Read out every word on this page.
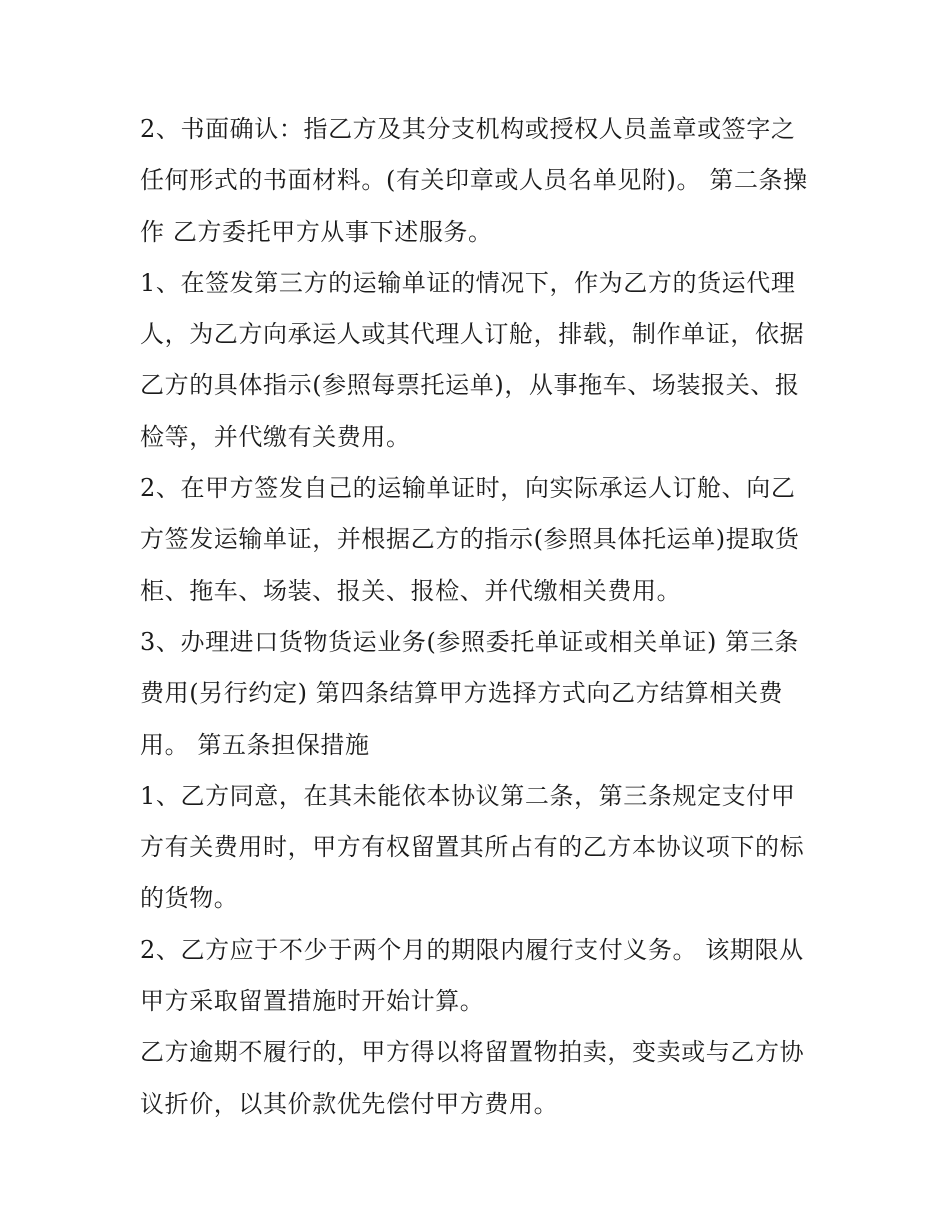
2、书面确认：指乙方及其分支机构或授权人员盖章或签字之任何形式的书面材料。(有关印章或人员名单见附)。 第二条操作 乙方委托甲方从事下述服务。

1、在签发第三方的运输单证的情况下，作为乙方的货运代理人，为乙方向承运人或其代理人订舱，排载，制作单证，依据乙方的具体指示(参照每票托运单)，从事拖车、场装报关、报检等，并代缴有关费用。

2、在甲方签发自己的运输单证时，向实际承运人订舱、向乙方签发运输单证，并根据乙方的指示(参照具体托运单)提取货柜、拖车、场装、报关、报检、并代缴相关费用。

3、办理进口货物货运业务(参照委托单证或相关单证) 第三条费用(另行约定) 第四条结算甲方选择方式向乙方结算相关费用。 第五条担保措施

1、乙方同意，在其未能依本协议第二条，第三条规定支付甲方有关费用时，甲方有权留置其所占有的乙方本协议项下的标的货物。

2、乙方应于不少于两个月的期限内履行支付义务。 该期限从甲方采取留置措施时开始计算。

乙方逾期不履行的，甲方得以将留置物拍卖，变卖或与乙方协议折价，以其价款优先偿付甲方费用。
